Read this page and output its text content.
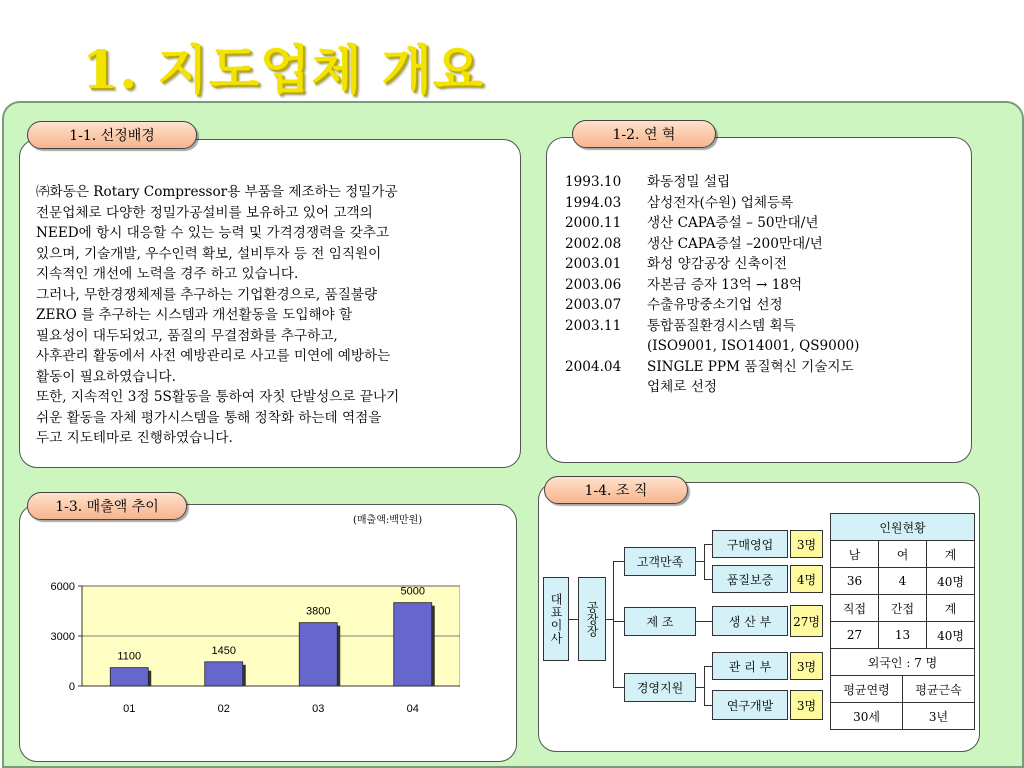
1. 지도업체 개요
1-1. 선정배경

㈜화동은 Rotary Compressor용 부품을 제조하는 정밀가공

전문업체로 다양한 정밀가공설비를 보유하고 있어 고객의

NEED에 항시 대응할 수 있는 능력 및 가격경쟁력을 갖추고

있으며, 기술개발, 우수인력 확보, 설비투자 등 전 임직원이

지속적인 개선에 노력을 경주 하고 있습니다.

그러나, 무한경쟁체제를 추구하는 기업환경으로, 품질불량

ZERO 를 추구하는 시스템과 개선활동을 도입해야 할

필요성이 대두되었고, 품질의 무결점화를 추구하고,

사후관리 활동에서 사전 예방관리로 사고를 미연에 예방하는

활동이 필요하였습니다.

또한, 지속적인 3정 5S활동을 통하여 자칫 단발성으로 끝나기

쉬운 활동을 자체 평가시스템을 통해 정착화 하는데 역점을

두고 지도테마로 진행하였습니다.

1-2. 연 혁
1993.10	화동정밀 설립
1994.03	삼성전자(수원) 업체등록
2000.11	생산 CAPA증설 – 50만대/년
2002.08	생산 CAPA증설 –200만대/년
2003.01	화성 양감공장 신축이전
2003.06	자본금 증자 13억 → 18억
2003.07	수출유망중소기업 선정
2003.11	통합품질환경시스템 획득
(ISO9001, ISO14001, QS9000)
2004.04	SINGLE PPM 품질혁신 기술지도
업체로 선정
1-3. 매출액 추이
(매출액:백만원)
0
3000
6000
1100
01
1450
02
3800
03
5000
04
1-4. 조 직
대표이사 공장장
고객만족
제 조
경영지원
구매영업	3명
품질보증	4명
생 산 부	27명
관 리 부	3명
연구개발	3명
인원현황			
남	여		계
36	4		40명
직접	간접		계
27	13		40명
외국인 : 7 명			
평균연령		평균근속	
30세		3년	
